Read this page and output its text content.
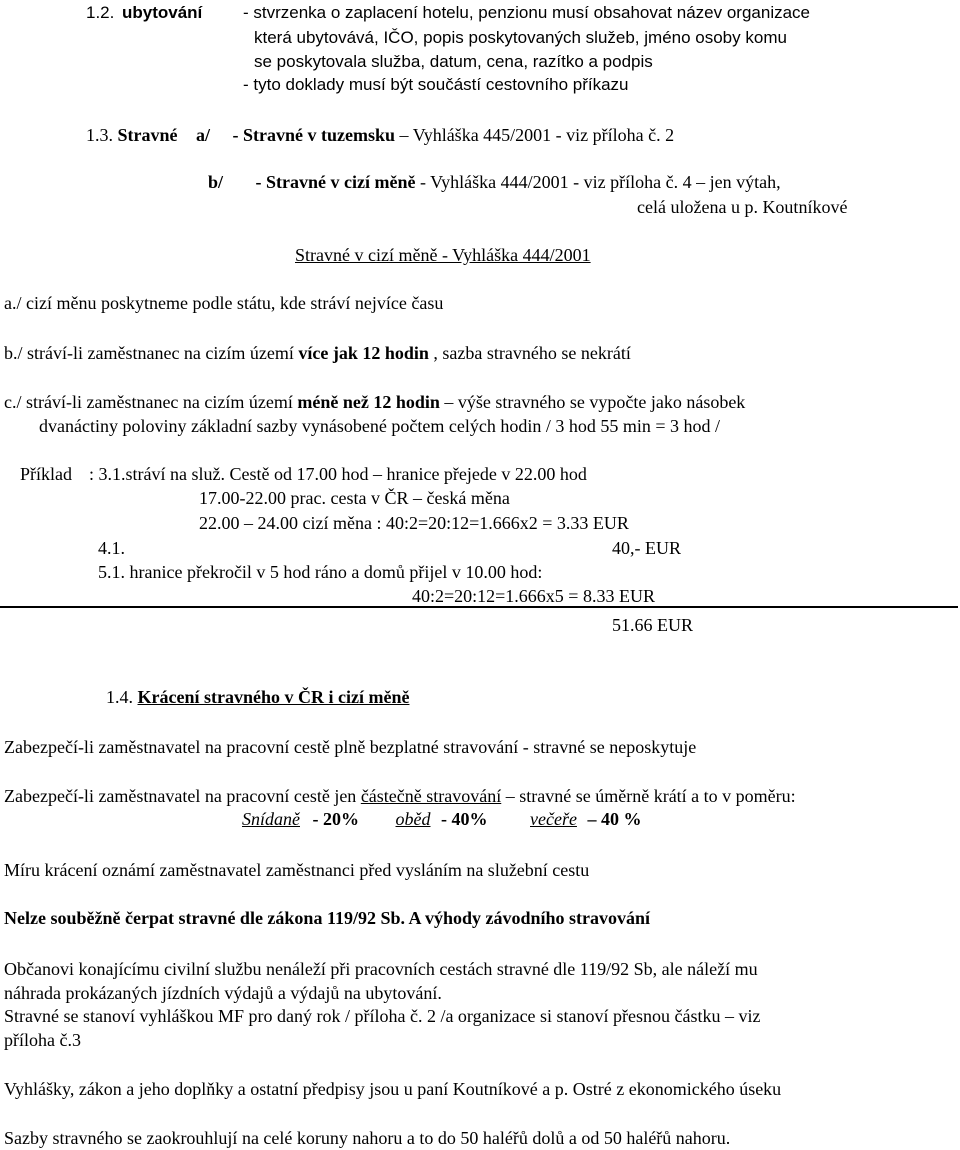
1.2. ubytování - stvrzenka o zaplacení hotelu, penzionu musí obsahovat název organizace
která ubytovává, IČO, popis poskytovaných služeb, jméno osoby komu
se poskytovala služba, datum, cena, razítko a podpis
- tyto doklady musí být součástí cestovního příkazu
1.3. Stravné a/ - Stravné v tuzemsku – Vyhláška 445/2001 - viz příloha č. 2
b/ - Stravné v cizí měně - Vyhláška 444/2001 - viz příloha č. 4 – jen výtah,
celá uložena u p. Koutníkové
Stravné v cizí měně - Vyhláška 444/2001
a./ cizí měnu poskytneme podle státu, kde stráví nejvíce času
b./ stráví-li zaměstnanec na cizím území více jak 12 hodin , sazba stravného se nekrátí
c./ stráví-li zaměstnanec na cizím území méně než 12 hodin – výše stravného se vypočte jako násobek
dvanáctiny poloviny základní sazby vynásobené počtem celých hodin / 3 hod 55 min = 3 hod /
Příklad : 3.1.stráví na služ. Cestě od 17.00 hod – hranice přejede v 22.00 hod
17.00-22.00 prac. cesta v ČR – česká měna
22.00 – 24.00 cizí měna : 40:2=20:12=1.666x2 = 3.33 EUR
4.1.	40,- EUR
5.1. hranice překročil v 5 hod ráno a domů přijel v 10.00 hod:
40:2=20:12=1.666x5 = 8.33 EUR
51.66 EUR
1.4. Krácení stravného v ČR i cizí měně
Zabezpečí-li zaměstnavatel na pracovní cestě plně bezplatné stravování - stravné se neposkytuje
Zabezpečí-li zaměstnavatel na pracovní cestě jen částečně stravování – stravné se úměrně krátí a to v poměru:
Snídaně - 20% oběd - 40% večeře – 40 %
Míru krácení oznámí zaměstnavatel zaměstnanci před vysláním na služební cestu
Nelze souběžně čerpat stravné dle zákona 119/92 Sb. A výhody závodního stravování
Občanovi konajícímu civilní službu nenáleží při pracovních cestách stravné dle 119/92 Sb, ale náleží mu
náhrada prokázaných jízdních výdajů a výdajů na ubytování.
Stravné se stanoví vyhláškou MF pro daný rok / příloha č. 2 /a organizace si stanoví přesnou částku – viz
příloha č.3
Vyhlášky, zákon a jeho doplňky a ostatní předpisy jsou u paní Koutníkové a p. Ostré z ekonomického úseku
Sazby stravného se zaokrouhlují na celé koruny nahoru a to do 50 haléřů dolů a od 50 haléřů nahoru.
